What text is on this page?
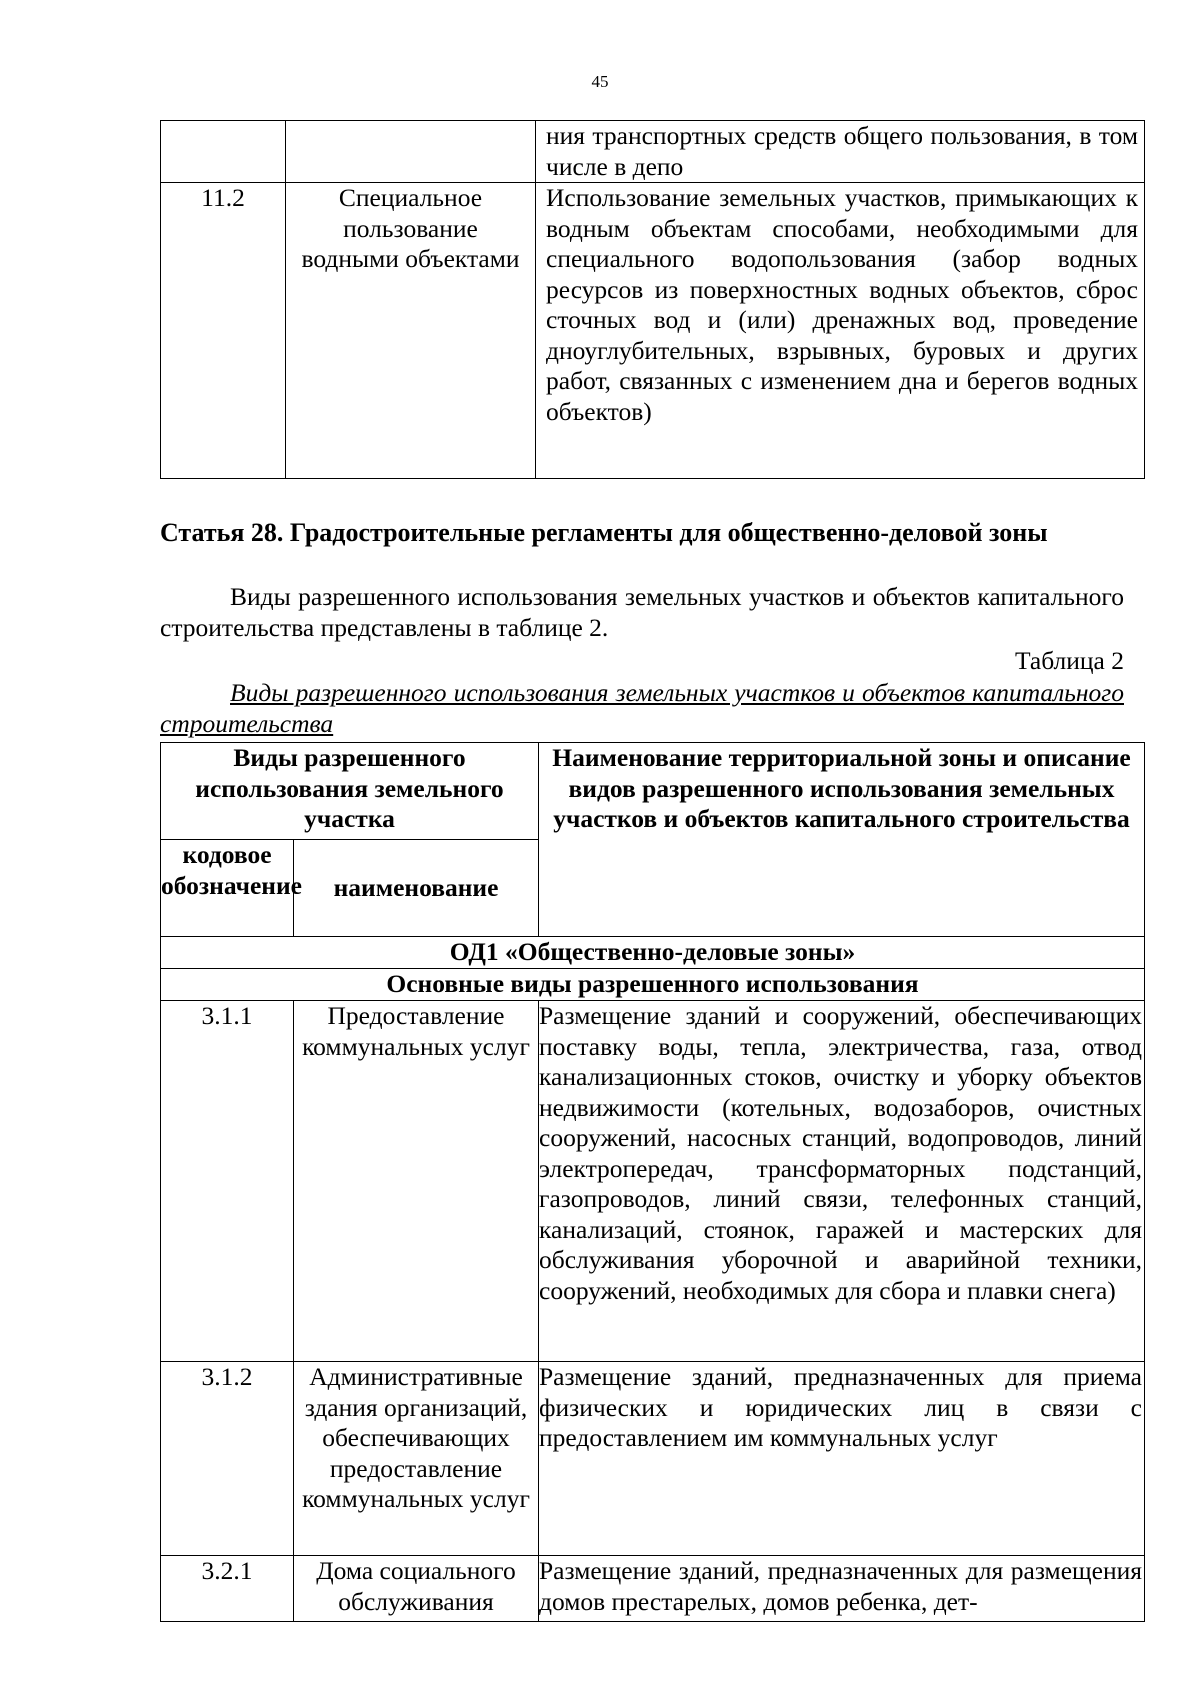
45
		ния транспортных средств общего пользования, в том числе в депо
11.2	Специальное пользование водными объектами	Использование земельных участков, примыкающих к водным объектам способами, необходимыми для специального водопользования (забор водных ресурсов из поверхностных водных объектов, сброс сточных вод и (или) дренажных вод, проведение дноуглубительных, взрывных, буровых и других работ, связанных с изменением дна и берегов водных объектов)

Статья 28. Градостроительные регламенты для общественно-деловой зоны

Виды разрешенного использования земельных участков и объектов капитального строительства представлены в таблице 2.

Таблица 2

Виды разрешенного использования земельных участков и объектов капитального строительства

Виды разрешенного использования земельного участка		Наименование территориальной зоны и описание видов разрешенного использования земельных участков и объектов капитального строительства
кодовое обозначение	наименование	
ОД1 «Общественно-деловые зоны»		
Основные виды разрешенного использования		
3.1.1	Предоставление коммунальных услуг	Размещение зданий и сооружений, обеспечивающих поставку воды, тепла, электричества, газа, отвод канализационных стоков, очистку и уборку объектов недвижимости (котельных, водозаборов, очистных сооружений, насосных станций, водопроводов, линий электропередач, трансформаторных подстанций, газопроводов, линий связи, телефонных станций, канализаций, стоянок, гаражей и мастерских для обслуживания уборочной и аварийной техники, сооружений, необходимых для сбора и плавки снега)
3.1.2	Административные здания организаций, обеспечивающих предоставление коммунальных услуг	Размещение зданий, предназначенных для приема физических и юридических лиц в связи с предоставлением им коммунальных услуг
3.2.1	Дома социального обслуживания	Размещение зданий, предназначенных для размещения домов престарелых, домов ребенка, дет-
